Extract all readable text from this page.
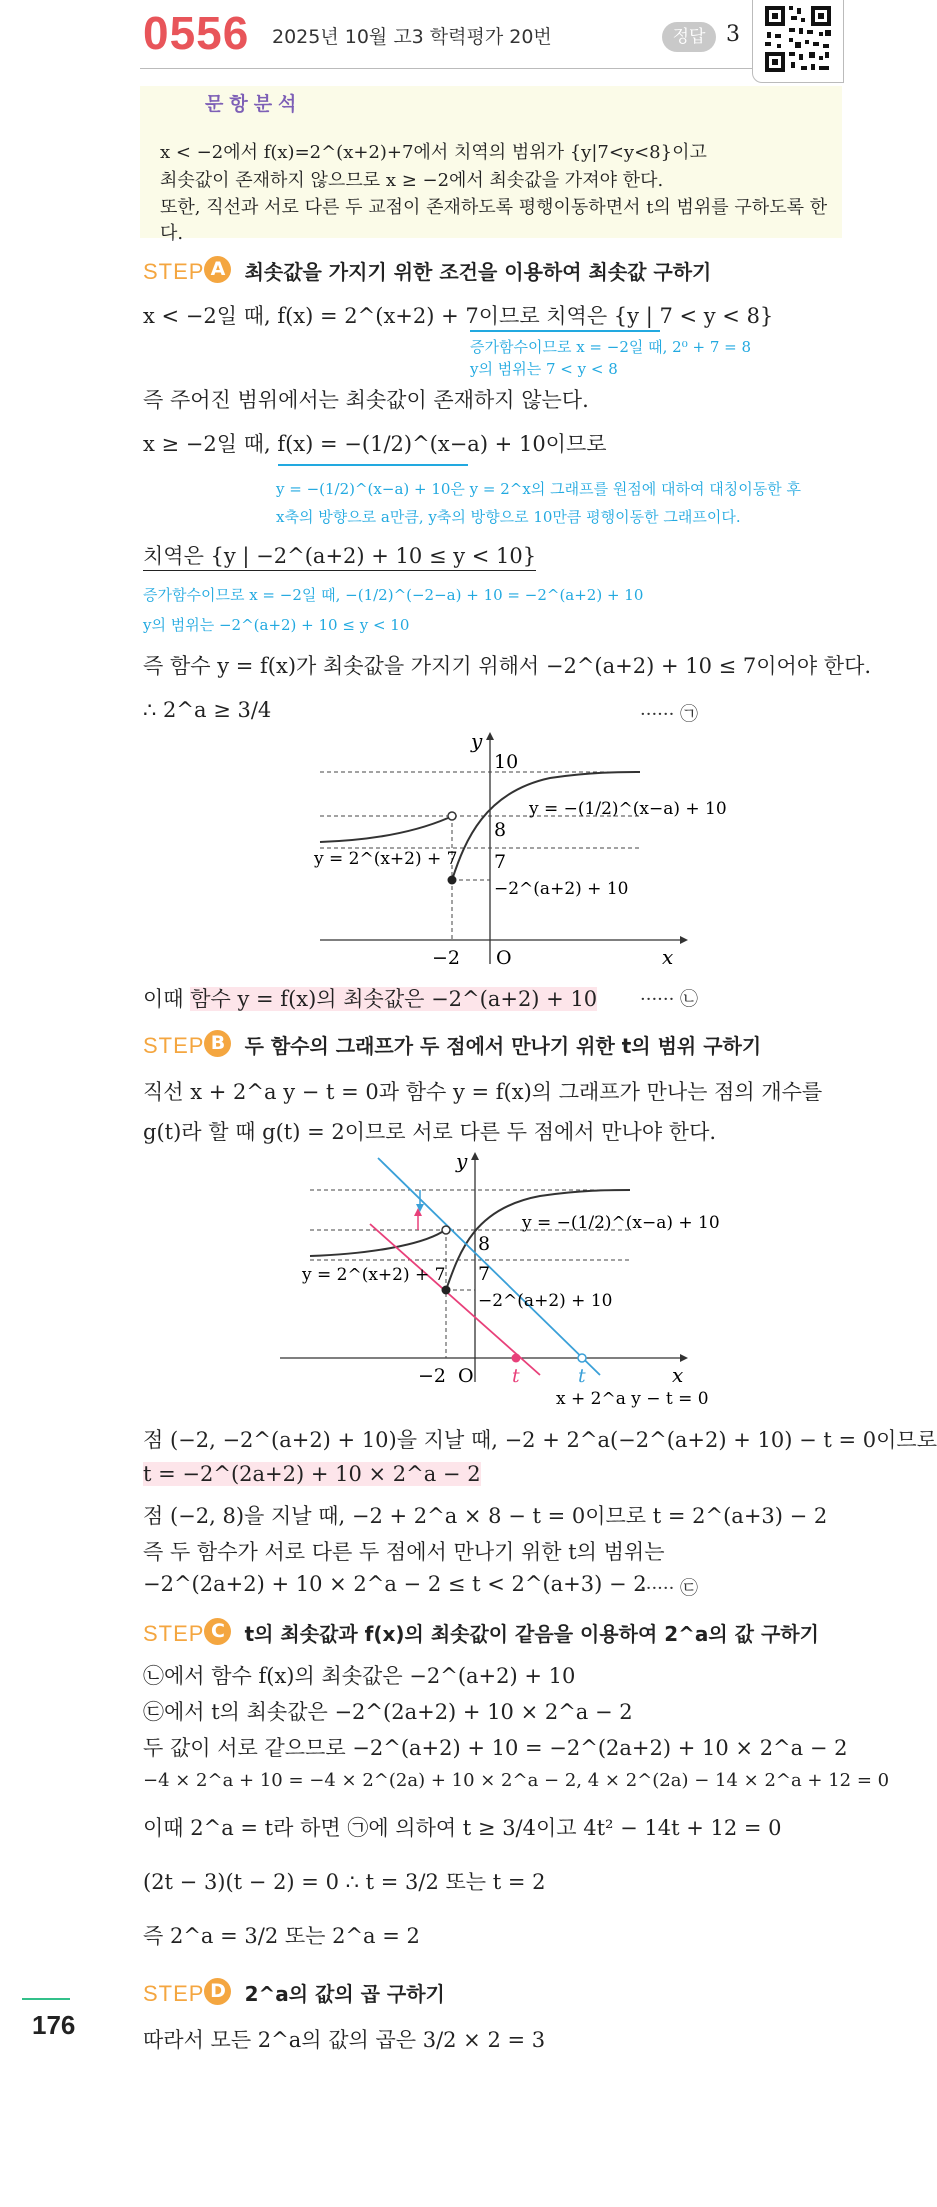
0556 2025년 10월 고3 학력평가 20번	정답 3
문항분석
x < −2에서 f(x)=2^(x+2)+7에서 치역의 범위가 {y|7<y<8}이고
최솟값이 존재하지 않으므로 x ≥ −2에서 최솟값을 가져야 한다.
또한, 직선과 서로 다른 두 교점이 존재하도록 평행이동하면서 t의 범위를 구하도록 한다.
STEP A 최솟값을 가지기 위한 조건을 이용하여 최솟값 구하기
x < −2일 때, f(x) = 2^(x+2) + 7이므로 치역은 {y | 7 < y < 8}
증가함수이므로 x = −2일 때, 2⁰ + 7 = 8
y의 범위는 7 < y < 8
즉 주어진 범위에서는 최솟값이 존재하지 않는다.
x ≥ −2일 때, f(x) = −(1/2)^(x−a) + 10이므로
y = −(1/2)^(x−a) + 10은 y = 2^x의 그래프를 원점에 대하여 대칭이동한 후
x축의 방향으로 a만큼, y축의 방향으로 10만큼 평행이동한 그래프이다.
치역은 {y | −2^(a+2) + 10 ≤ y < 10}
증가함수이므로 x = −2일 때, −(1/2)^(−2−a) + 10 = −2^(a+2) + 10
y의 범위는 −2^(a+2) + 10 ≤ y < 10
즉 함수 y = f(x)가 최솟값을 가지기 위해서 −2^(a+2) + 10 ≤ 7이어야 한다.
∴ 2^a ≥ 3/4	······ ㉠
y
10
8
7
−2^(a+2) + 10
y = −(1/2)^(x−a) + 10
y = 2^(x+2) + 7
−2 O	x
이때 함수 y = f(x)의 최솟값은 −2^(a+2) + 10 ······ ㉡
STEP B 두 함수의 그래프가 두 점에서 만나기 위한 t의 범위 구하기
직선 x + 2^a y − t = 0과 함수 y = f(x)의 그래프가 만나는 점의 개수를
g(t)라 할 때 g(t) = 2이므로 서로 다른 두 점에서 만나야 한다.
y
8
7
−2^(a+2) + 10
y = −(1/2)^(x−a) + 10
y = 2^(x+2) + 7
−2 O t	t	x
x + 2^a y − t = 0
점 (−2, −2^(a+2) + 10)을 지날 때, −2 + 2^a(−2^(a+2) + 10) − t = 0이므로
t = −2^(2a+2) + 10 × 2^a − 2
점 (−2, 8)을 지날 때, −2 + 2^a × 8 − t = 0이므로 t = 2^(a+3) − 2
즉 두 함수가 서로 다른 두 점에서 만나기 위한 t의 범위는
−2^(2a+2) + 10 × 2^a − 2 ≤ t < 2^(a+3) − 2
······ ㉢
STEP C t의 최솟값과 f(x)의 최솟값이 같음을 이용하여 2^a의 값 구하기
㉡에서 함수 f(x)의 최솟값은 −2^(a+2) + 10
㉢에서 t의 최솟값은 −2^(2a+2) + 10 × 2^a − 2
두 값이 서로 같으므로 −2^(a+2) + 10 = −2^(2a+2) + 10 × 2^a − 2
−4 × 2^a + 10 = −4 × 2^(2a) + 10 × 2^a − 2, 4 × 2^(2a) − 14 × 2^a + 12 = 0
이때 2^a = t라 하면 ㉠에 의하여 t ≥ 3/4이고 4t² − 14t + 12 = 0
(2t − 3)(t − 2) = 0 ∴ t = 3/2 또는 t = 2
즉 2^a = 3/2 또는 2^a = 2
STEP D 2^a의 값의 곱 구하기
따라서 모든 2^a의 값의 곱은 3/2 × 2 = 3
176
